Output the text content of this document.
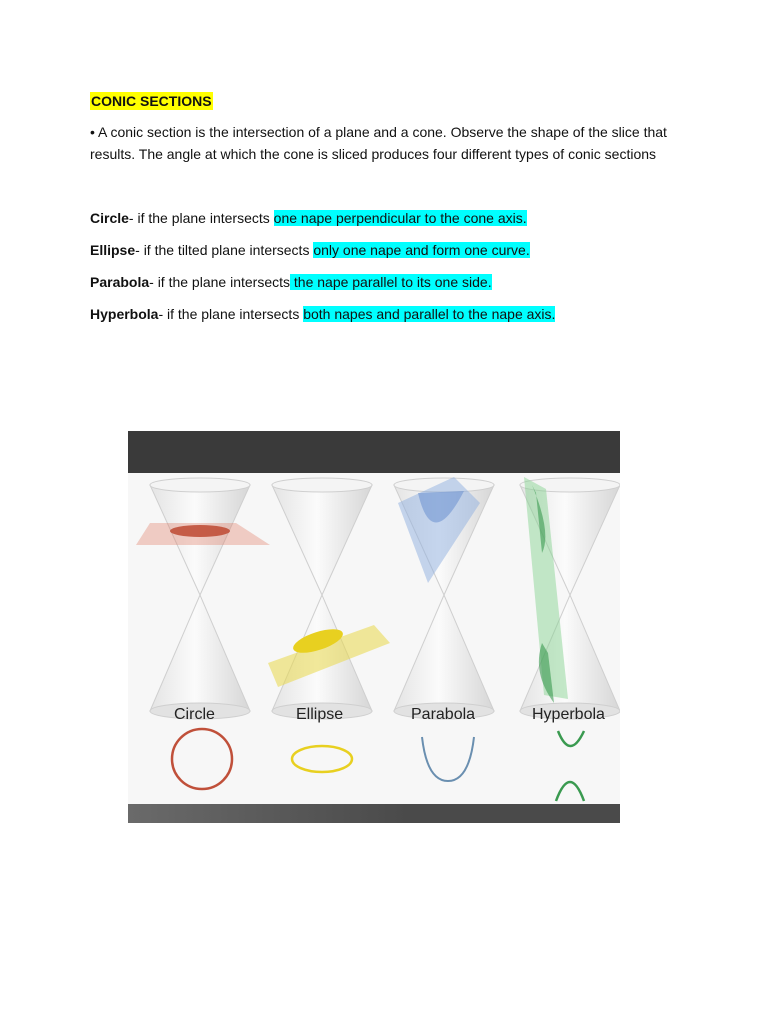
CONIC SECTIONS

• A conic section is the intersection of a plane and a cone. Observe the shape of the slice that results. The angle at which the cone is sliced produces four different types of conic sections

Circle- if the plane intersects one nape perpendicular to the cone axis.

Ellipse- if the tilted plane intersects only one nape and form one curve.

Parabola- if the plane intersects the nape parallel to its one side.

Hyperbola- if the plane intersects both napes and parallel to the nape axis.

Circle	Ellipse	Parabola	Hyperbola
